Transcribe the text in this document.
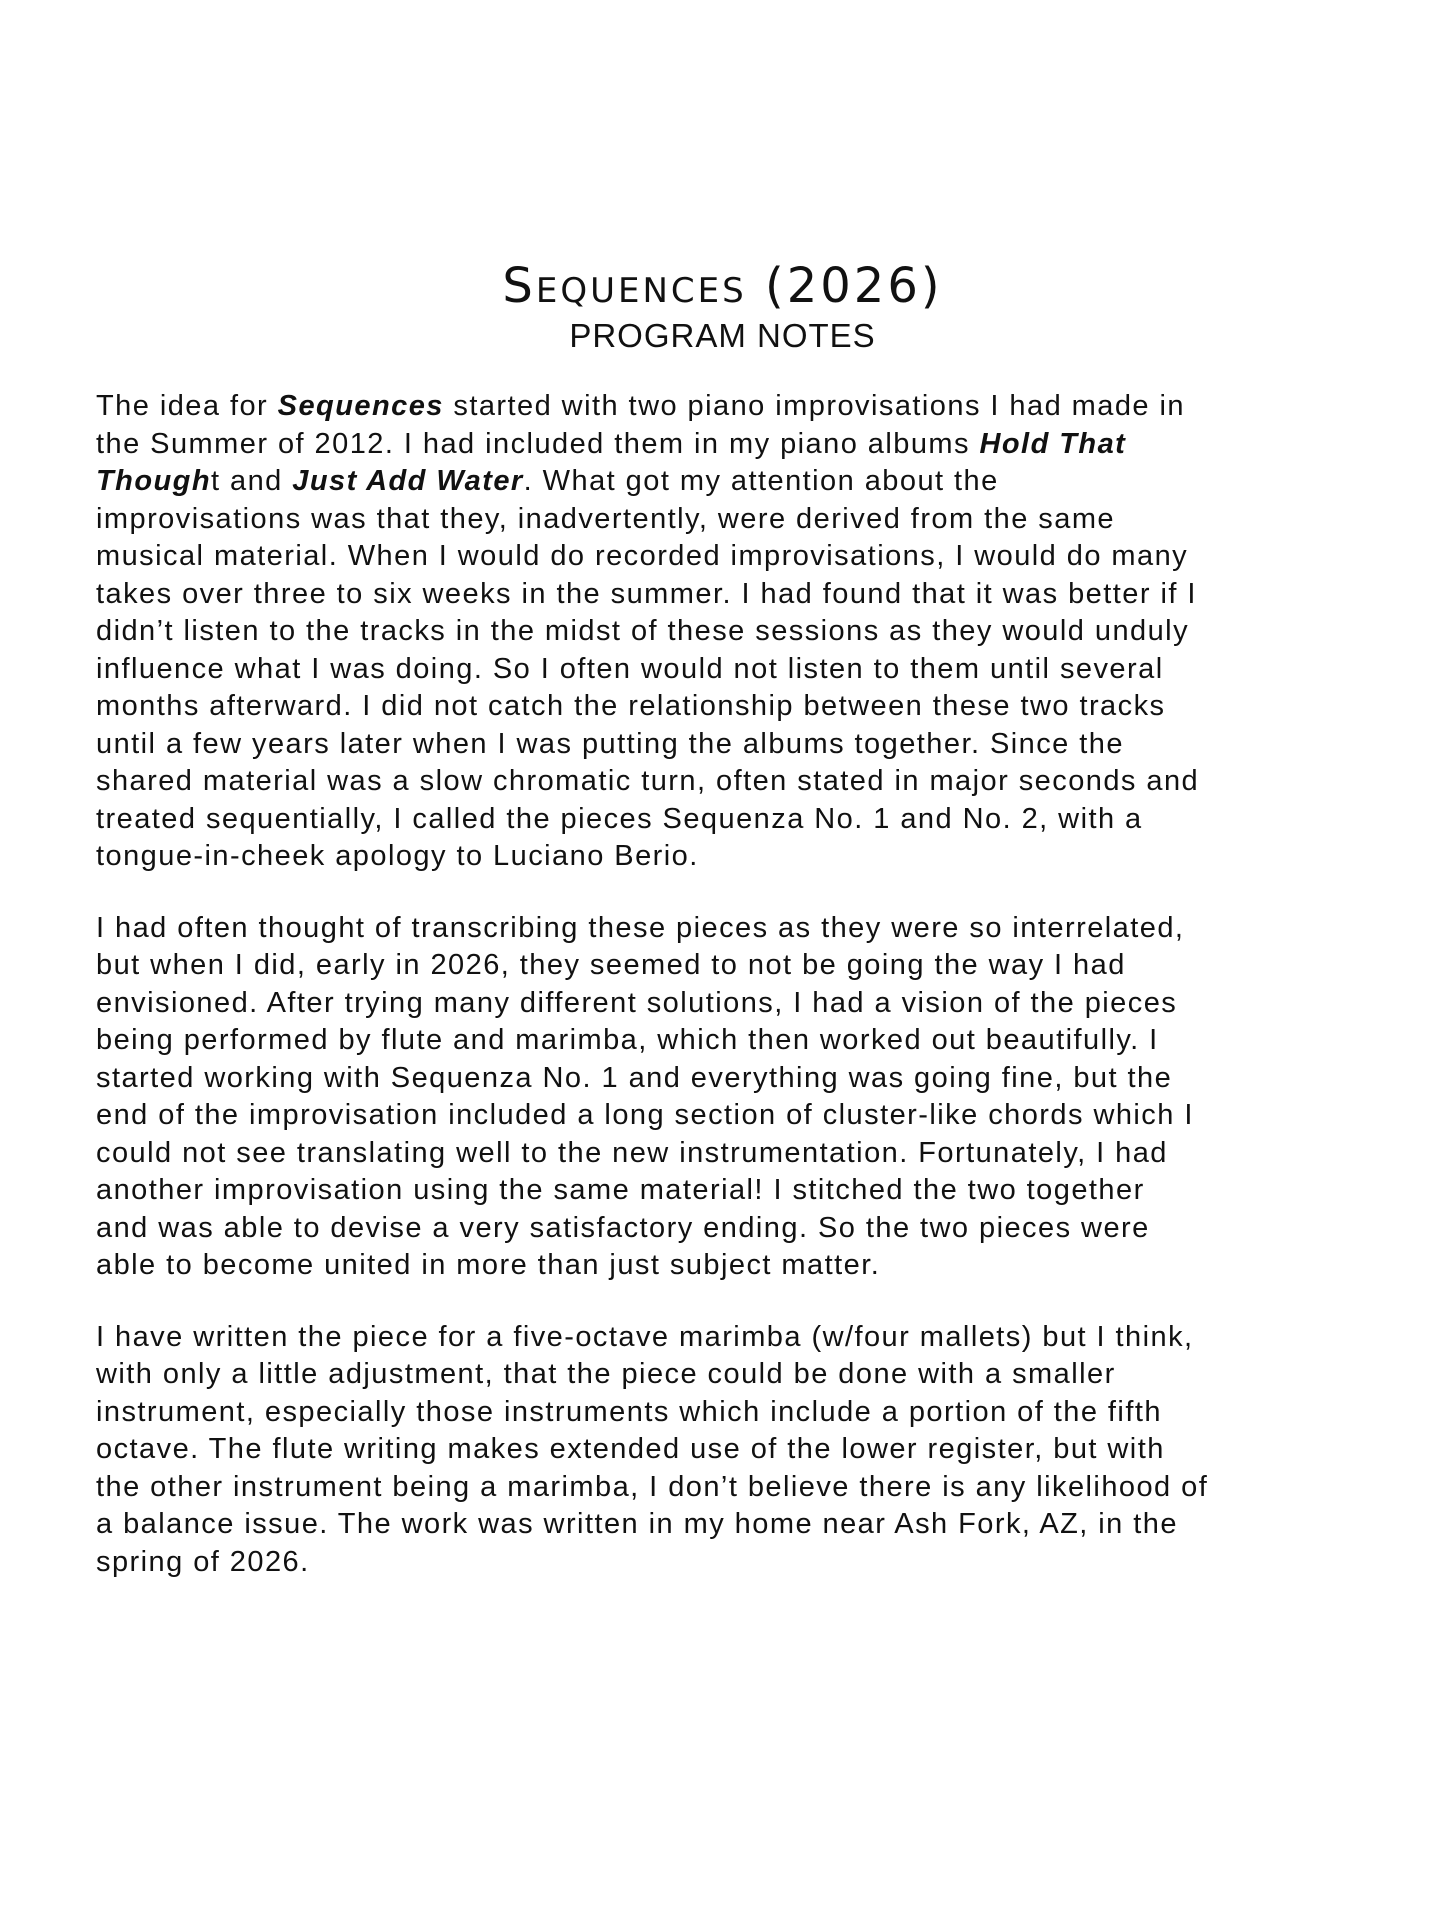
Sequences (2026)
PROGRAM NOTES

The idea for Sequences started with two piano improvisations I had made in
the Summer of 2012. I had included them in my piano albums Hold That
Thought and Just Add Water. What got my attention about the
improvisations was that they, inadvertently, were derived from the same
musical material. When I would do recorded improvisations, I would do many
takes over three to six weeks in the summer. I had found that it was better if I
didn’t listen to the tracks in the midst of these sessions as they would unduly
influence what I was doing. So I often would not listen to them until several
months afterward. I did not catch the relationship between these two tracks
until a few years later when I was putting the albums together. Since the
shared material was a slow chromatic turn, often stated in major seconds and
treated sequentially, I called the pieces Sequenza No. 1 and No. 2, with a
tongue-in-cheek apology to Luciano Berio.

I had often thought of transcribing these pieces as they were so interrelated,
but when I did, early in 2026, they seemed to not be going the way I had
envisioned. After trying many different solutions, I had a vision of the pieces
being performed by flute and marimba, which then worked out beautifully. I
started working with Sequenza No. 1 and everything was going fine, but the
end of the improvisation included a long section of cluster-like chords which I
could not see translating well to the new instrumentation. Fortunately, I had
another improvisation using the same material! I stitched the two together
and was able to devise a very satisfactory ending. So the two pieces were
able to become united in more than just subject matter.

I have written the piece for a five-octave marimba (w/four mallets) but I think,
with only a little adjustment, that the piece could be done with a smaller
instrument, especially those instruments which include a portion of the fifth
octave. The flute writing makes extended use of the lower register, but with
the other instrument being a marimba, I don’t believe there is any likelihood of
a balance issue. The work was written in my home near Ash Fork, AZ, in the
spring of 2026.
